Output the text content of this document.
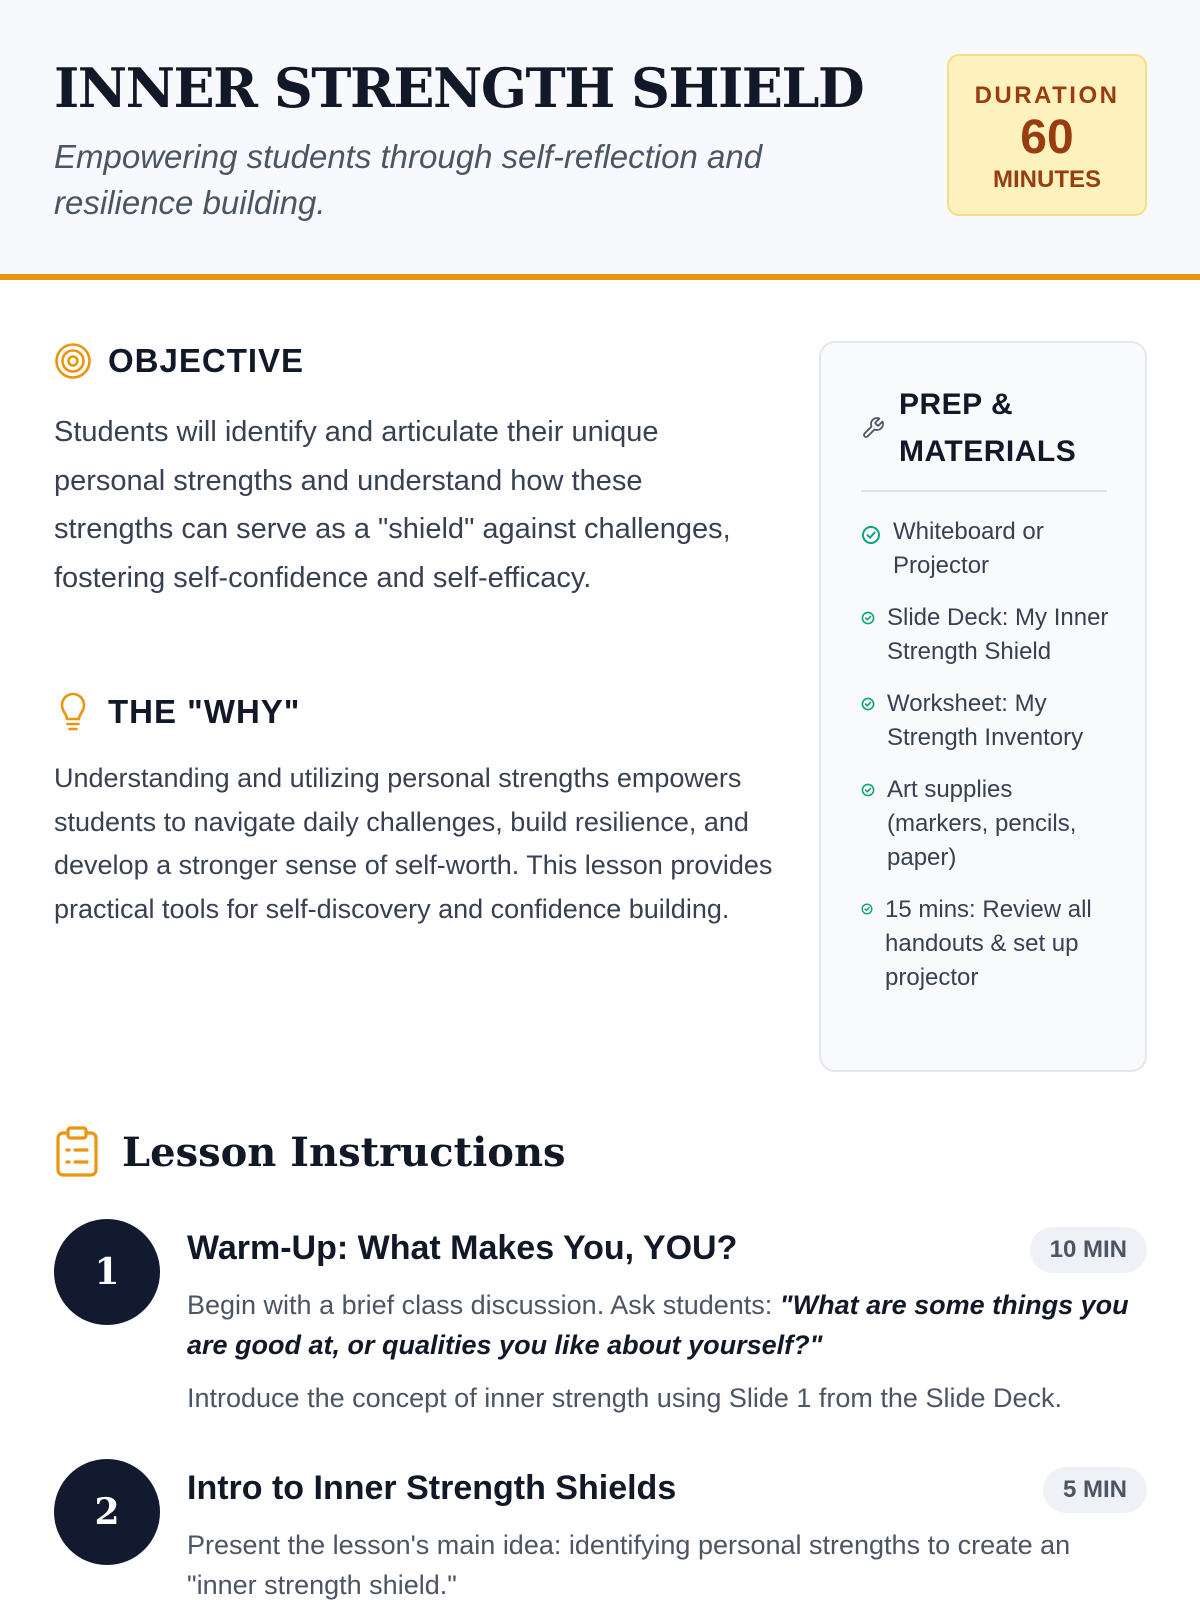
INNER STRENGTH SHIELD

Empowering students through self-reflection and resilience building.

DURATION
60
MINUTES
OBJECTIVE

Students will identify and articulate their unique personal strengths and understand how these strengths can serve as a "shield" against challenges, fostering self-confidence and self-efficacy.

THE "WHY"

Understanding and utilizing personal strengths empowers students to navigate daily challenges, build resilience, and develop a stronger sense of self-worth. This lesson provides practical tools for self-discovery and confidence building.

PREP & MATERIALS
Whiteboard or Projector
Slide Deck: My Inner Strength Shield
Worksheet: My Strength Inventory
Art supplies (markers, pencils, paper)
15 mins: Review all handouts & set up projector
Lesson Instructions
1
Warm-Up: What Makes You, YOU?	10 MIN

Begin with a brief class discussion. Ask students: "What are some things you are good at, or qualities you like about yourself?"

Introduce the concept of inner strength using Slide 1 from the Slide Deck.

2
Intro to Inner Strength Shields	5 MIN

Present the lesson's main idea: identifying personal strengths to create an "inner strength shield."
